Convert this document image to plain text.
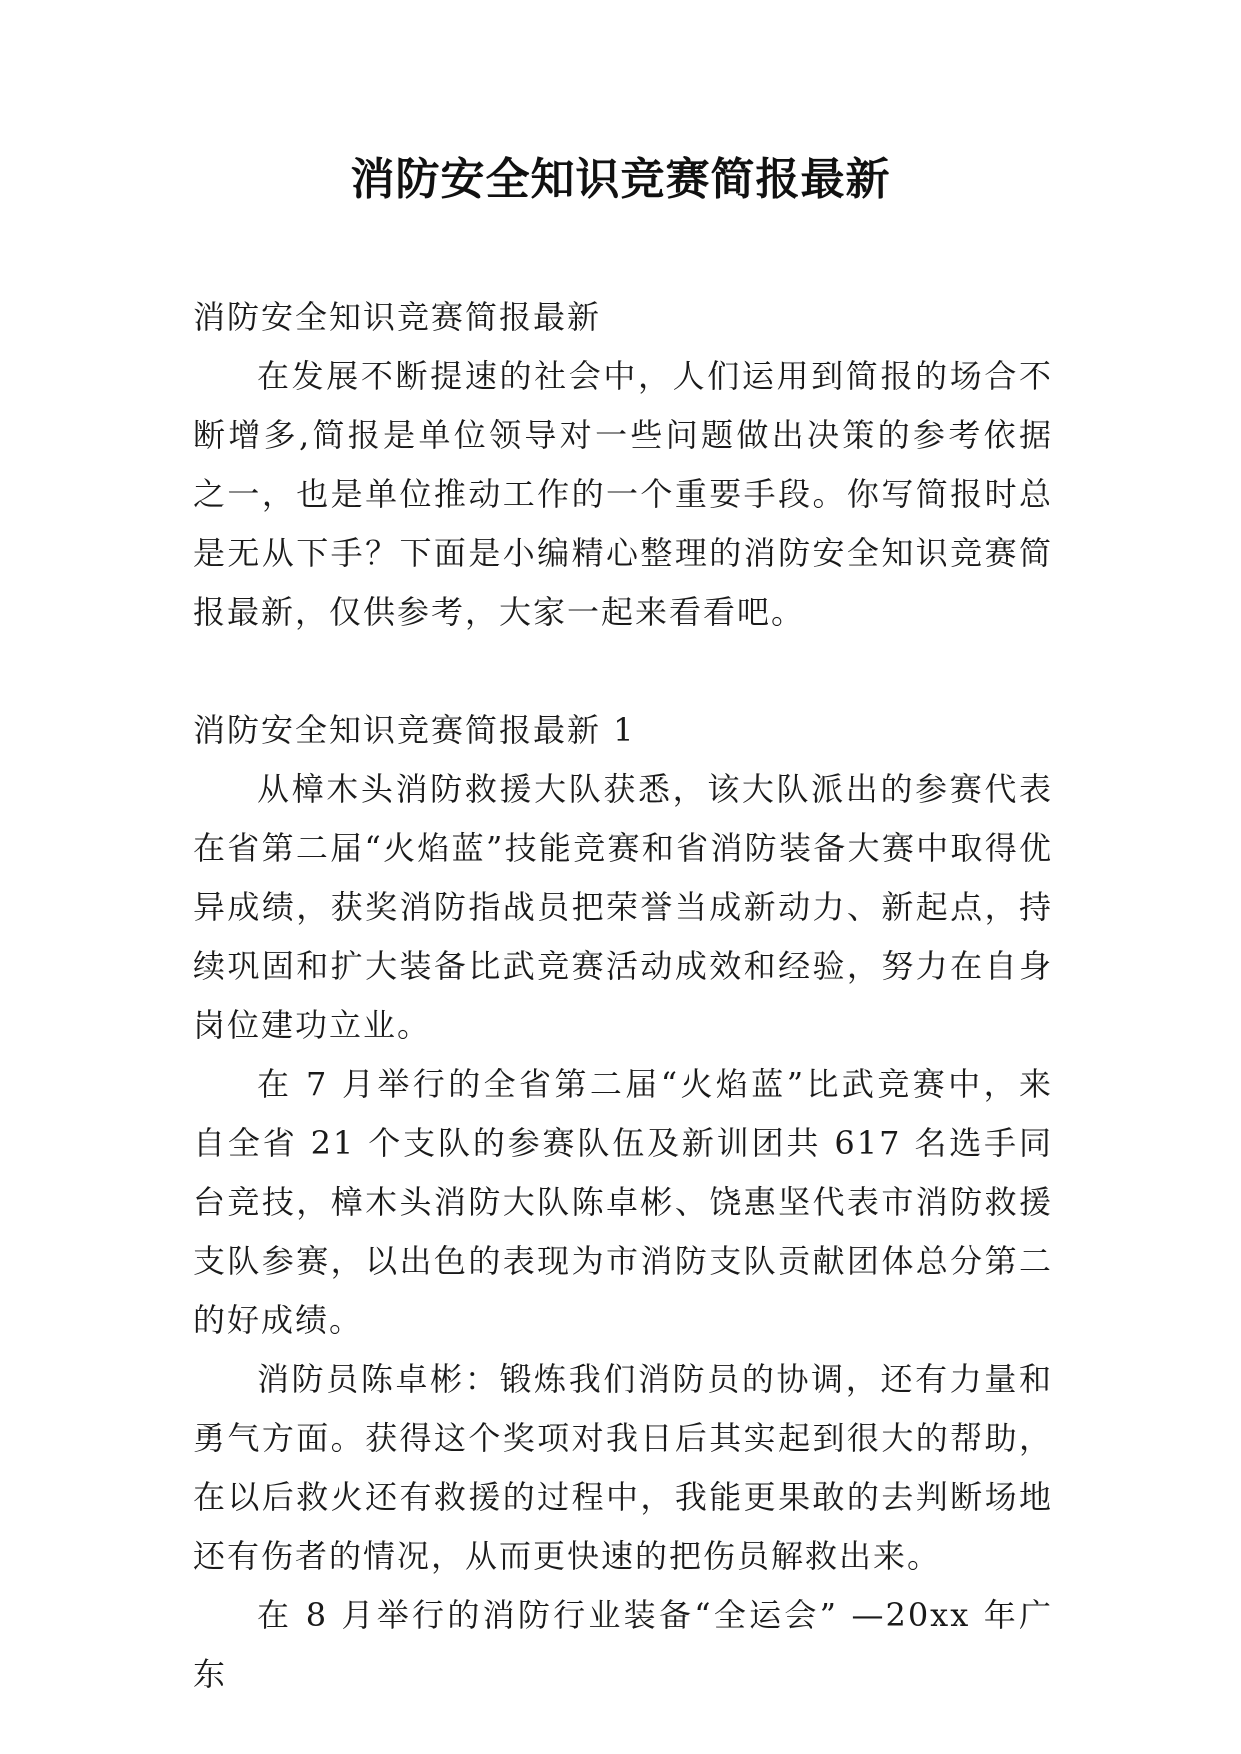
消防安全知识竞赛简报最新

消防安全知识竞赛简报最新

在发展不断提速的社会中，人们运用到简报的场合不断增多,简报是单位领导对一些问题做出决策的参考依据之一，也是单位推动工作的一个重要手段。你写简报时总是无从下手？下面是小编精心整理的消防安全知识竞赛简报最新，仅供参考，大家一起来看看吧。

消防安全知识竞赛简报最新 1

从樟木头消防救援大队获悉，该大队派出的参赛代表在省第二届“火焰蓝”技能竞赛和省消防装备大赛中取得优异成绩，获奖消防指战员把荣誉当成新动力、新起点，持续巩固和扩大装备比武竞赛活动成效和经验，努力在自身岗位建功立业。

在 7 月举行的全省第二届“火焰蓝”比武竞赛中，来自全省 21 个支队的参赛队伍及新训团共 617 名选手同台竞技，樟木头消防大队陈卓彬、饶惠坚代表市消防救援支队参赛，以出色的表现为市消防支队贡献团体总分第二的好成绩。

消防员陈卓彬：锻炼我们消防员的协调，还有力量和勇气方面。获得这个奖项对我日后其实起到很大的帮助，在以后救火还有救援的过程中，我能更果敢的去判断场地还有伤者的情况，从而更快速的把伤员解救出来。

在 8 月举行的消防行业装备“全运会” —20xx 年广东
